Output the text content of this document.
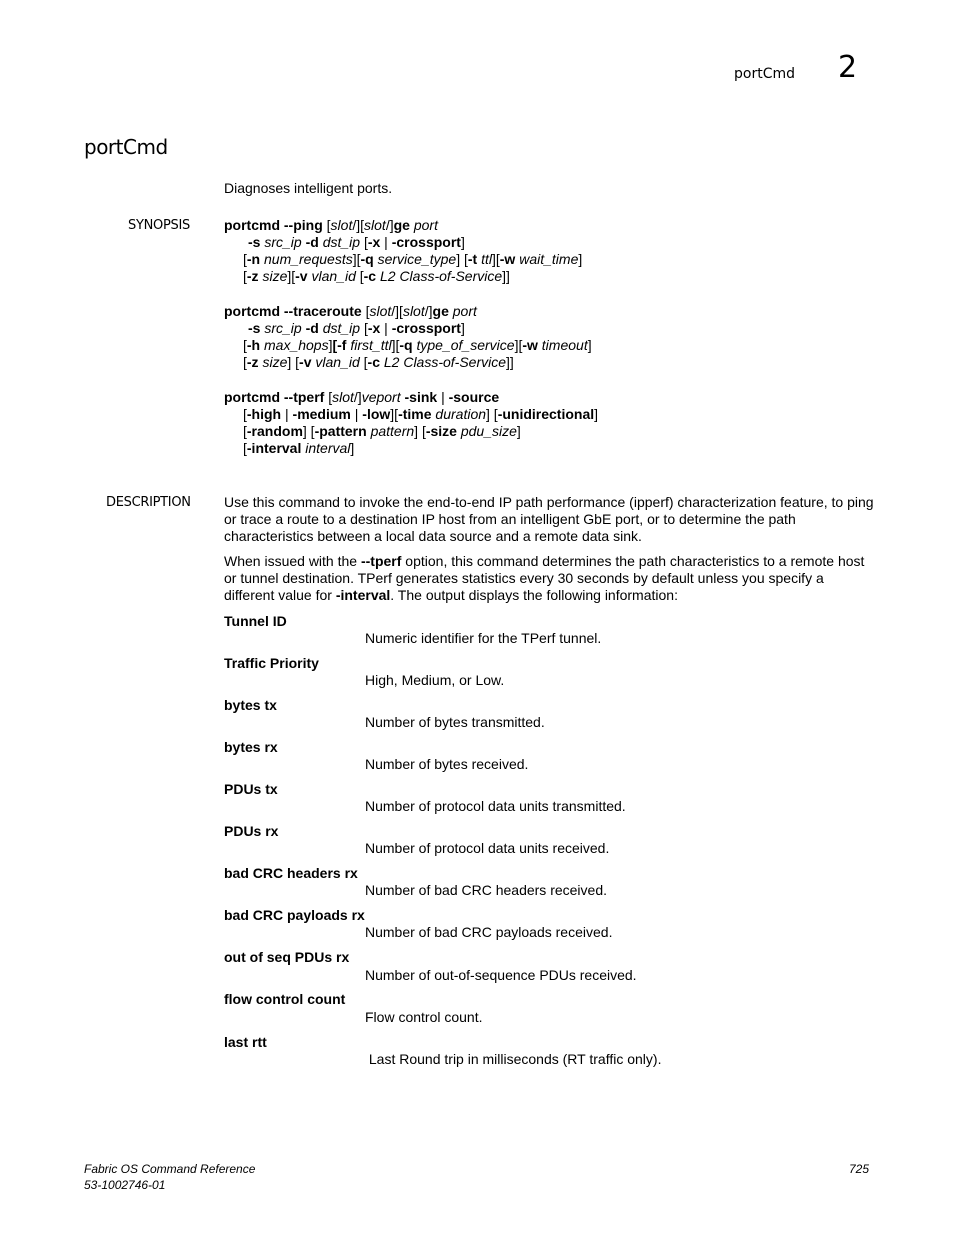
portCmd 2
portCmd
Diagnoses intelligent ports.
SYNOPSIS portcmd --ping [slot/][slot/]ge port
-s src_ip -d dst_ip [-x | -crossport]
[-n num_requests][-q service_type] [-t ttl][-w wait_time]
[-z size][-v vlan_id [-c L2 Class-of-Service]]
portcmd --traceroute [slot/][slot/]ge port
-s src_ip -d dst_ip [-x | -crossport]
[-h max_hops][-f first_ttl][-q type_of_service][-w timeout]
[-z size] [-v vlan_id [-c L2 Class-of-Service]]
portcmd --tperf [slot/]veport -sink | -source
[-high | -medium | -low][-time duration] [-unidirectional]
[-random] [-pattern pattern] [-size pdu_size]
[-interval interval]
DESCRIPTION Use this command to invoke the end-to-end IP path performance (ipperf) characterization feature, to ping or trace a route to a destination IP host from an intelligent GbE port, or to determine the path characteristics between a local data source and a remote data sink.
When issued with the --tperf option, this command determines the path characteristics to a remote host or tunnel destination. TPerf generates statistics every 30 seconds by default unless you specify a different value for -interval. The output displays the following information:
Tunnel ID
Numeric identifier for the TPerf tunnel.
Traffic Priority
High, Medium, or Low.
bytes tx
Number of bytes transmitted.
bytes rx
Number of bytes received.
PDUs tx
Number of protocol data units transmitted.
PDUs rx
Number of protocol data units received.
bad CRC headers rx
Number of bad CRC headers received.
bad CRC payloads rx
Number of bad CRC payloads received.
out of seq PDUs rx
Number of out-of-sequence PDUs received.
flow control count
Flow control count.
last rtt
Last Round trip in milliseconds (RT traffic only).
Fabric OS Command Reference
53-1002746-01
725
